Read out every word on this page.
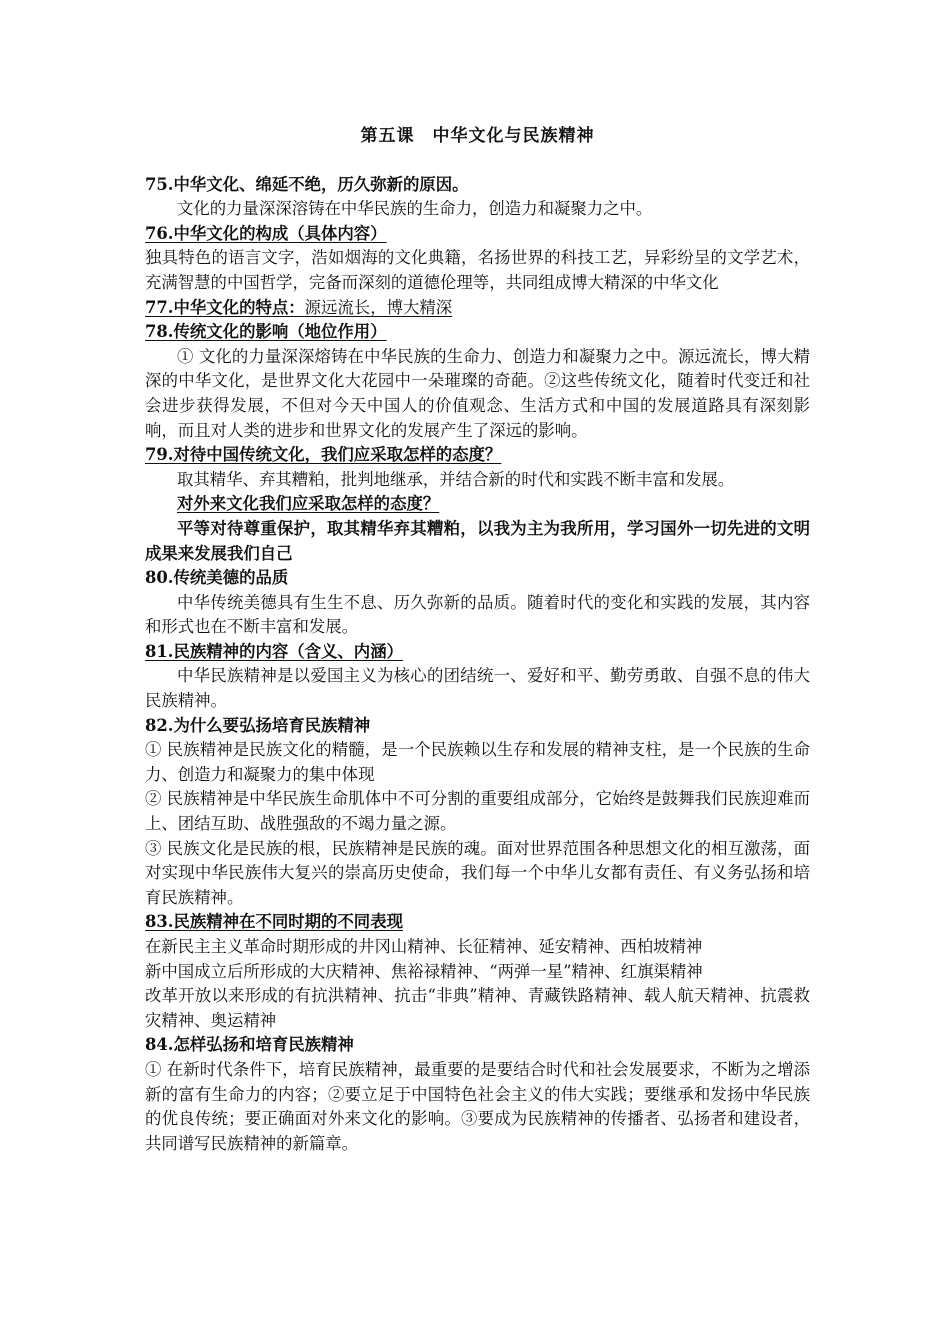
第五课　中华文化与民族精神

75.中华文化、绵延不绝，历久弥新的原因。

文化的力量深深溶铸在中华民族的生命力，创造力和凝聚力之中。

76.中华文化的构成（具体内容）

独具特色的语言文字，浩如烟海的文化典籍，名扬世界的科技工艺，异彩纷呈的文学艺术，充满智慧的中国哲学，完备而深刻的道德伦理等，共同组成博大精深的中华文化

77.中华文化的特点：源远流长，博大精深

78.传统文化的影响（地位作用）

① 文化的力量深深熔铸在中华民族的生命力、创造力和凝聚力之中。源远流长，博大精深的中华文化，是世界文化大花园中一朵璀璨的奇葩。②这些传统文化，随着时代变迁和社会进步获得发展，不但对今天中国人的价值观念、生活方式和中国的发展道路具有深刻影响，而且对人类的进步和世界文化的发展产生了深远的影响。

79.对待中国传统文化，我们应采取怎样的态度？

取其精华、弃其糟粕，批判地继承，并结合新的时代和实践不断丰富和发展。

对外来文化我们应采取怎样的态度？

平等对待尊重保护，取其精华弃其糟粕，以我为主为我所用，学习国外一切先进的文明成果来发展我们自己

80.传统美德的品质

中华传统美德具有生生不息、历久弥新的品质。随着时代的变化和实践的发展，其内容和形式也在不断丰富和发展。

81.民族精神的内容（含义、内涵）

中华民族精神是以爱国主义为核心的团结统一、爱好和平、勤劳勇敢、自强不息的伟大民族精神。

82.为什么要弘扬培育民族精神

① 民族精神是民族文化的精髓，是一个民族赖以生存和发展的精神支柱，是一个民族的生命力、创造力和凝聚力的集中体现

② 民族精神是中华民族生命肌体中不可分割的重要组成部分，它始终是鼓舞我们民族迎难而上、团结互助、战胜强敌的不竭力量之源。

③ 民族文化是民族的根，民族精神是民族的魂。面对世界范围各种思想文化的相互激荡，面对实现中华民族伟大复兴的崇高历史使命，我们每一个中华儿女都有责任、有义务弘扬和培育民族精神。

83.民族精神在不同时期的不同表现

在新民主主义革命时期形成的井冈山精神、长征精神、延安精神、西柏坡精神

新中国成立后所形成的大庆精神、焦裕禄精神、“两弹一星”精神、红旗渠精神

改革开放以来形成的有抗洪精神、抗击“非典”精神、青藏铁路精神、载人航天精神、抗震救灾精神、奥运精神

84.怎样弘扬和培育民族精神

① 在新时代条件下，培育民族精神，最重要的是要结合时代和社会发展要求，不断为之增添新的富有生命力的内容；②要立足于中国特色社会主义的伟大实践；要继承和发扬中华民族的优良传统；要正确面对外来文化的影响。③要成为民族精神的传播者、弘扬者和建设者，共同谱写民族精神的新篇章。
